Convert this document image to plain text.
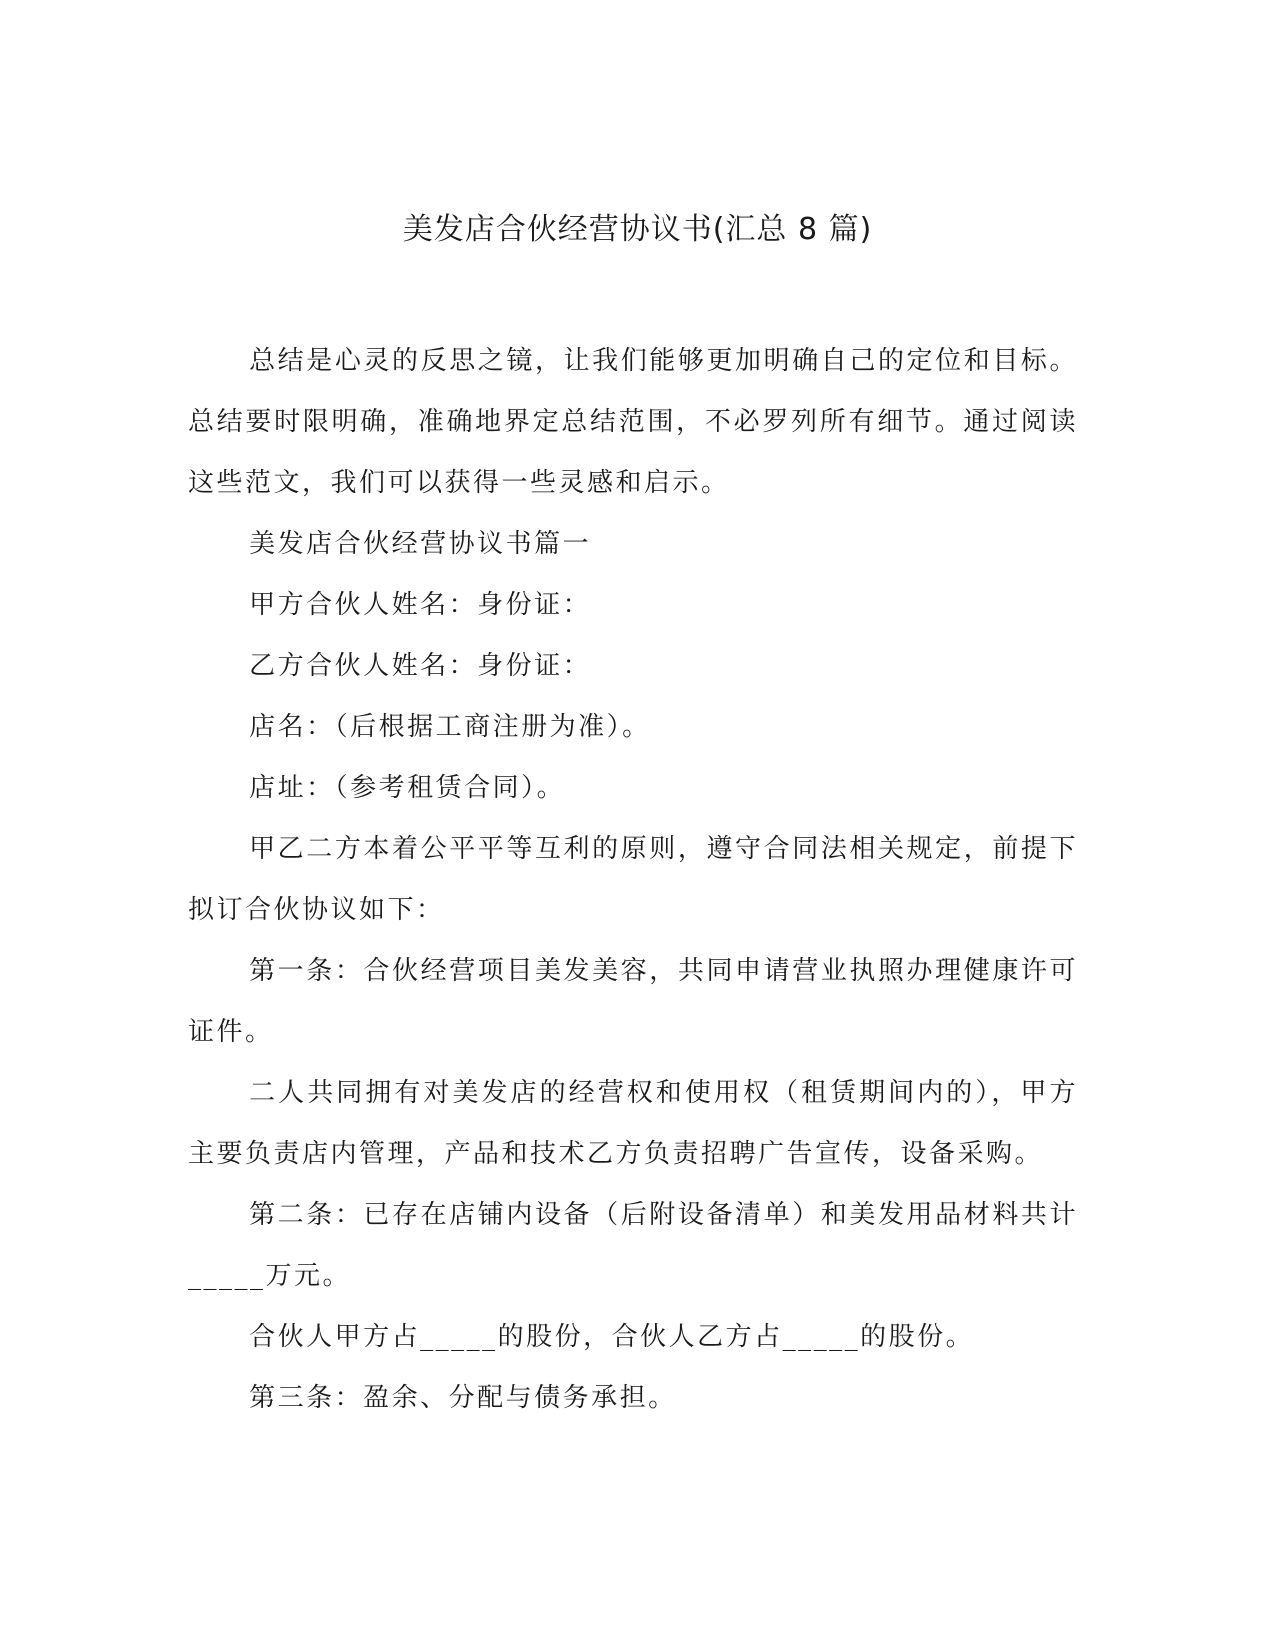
美发店合伙经营协议书(汇总 8 篇)

总结是心灵的反思之镜，让我们能够更加明确自己的定位和目标。总结要时限明确，准确地界定总结范围，不必罗列所有细节。通过阅读这些范文，我们可以获得一些灵感和启示。

美发店合伙经营协议书篇一

甲方合伙人姓名：身份证：

乙方合伙人姓名：身份证：

店名：（后根据工商注册为准）。

店址：（参考租赁合同）。

甲乙二方本着公平平等互利的原则，遵守合同法相关规定，前提下拟订合伙协议如下：

第一条：合伙经营项目美发美容，共同申请营业执照办理健康许可证件。

二人共同拥有对美发店的经营权和使用权（租赁期间内的），甲方主要负责店内管理，产品和技术乙方负责招聘广告宣传，设备采购。

第二条：已存在店铺内设备（后附设备清单）和美发用品材料共计_____万元。

合伙人甲方占_____的股份，合伙人乙方占_____的股份。

第三条：盈余、分配与债务承担。
